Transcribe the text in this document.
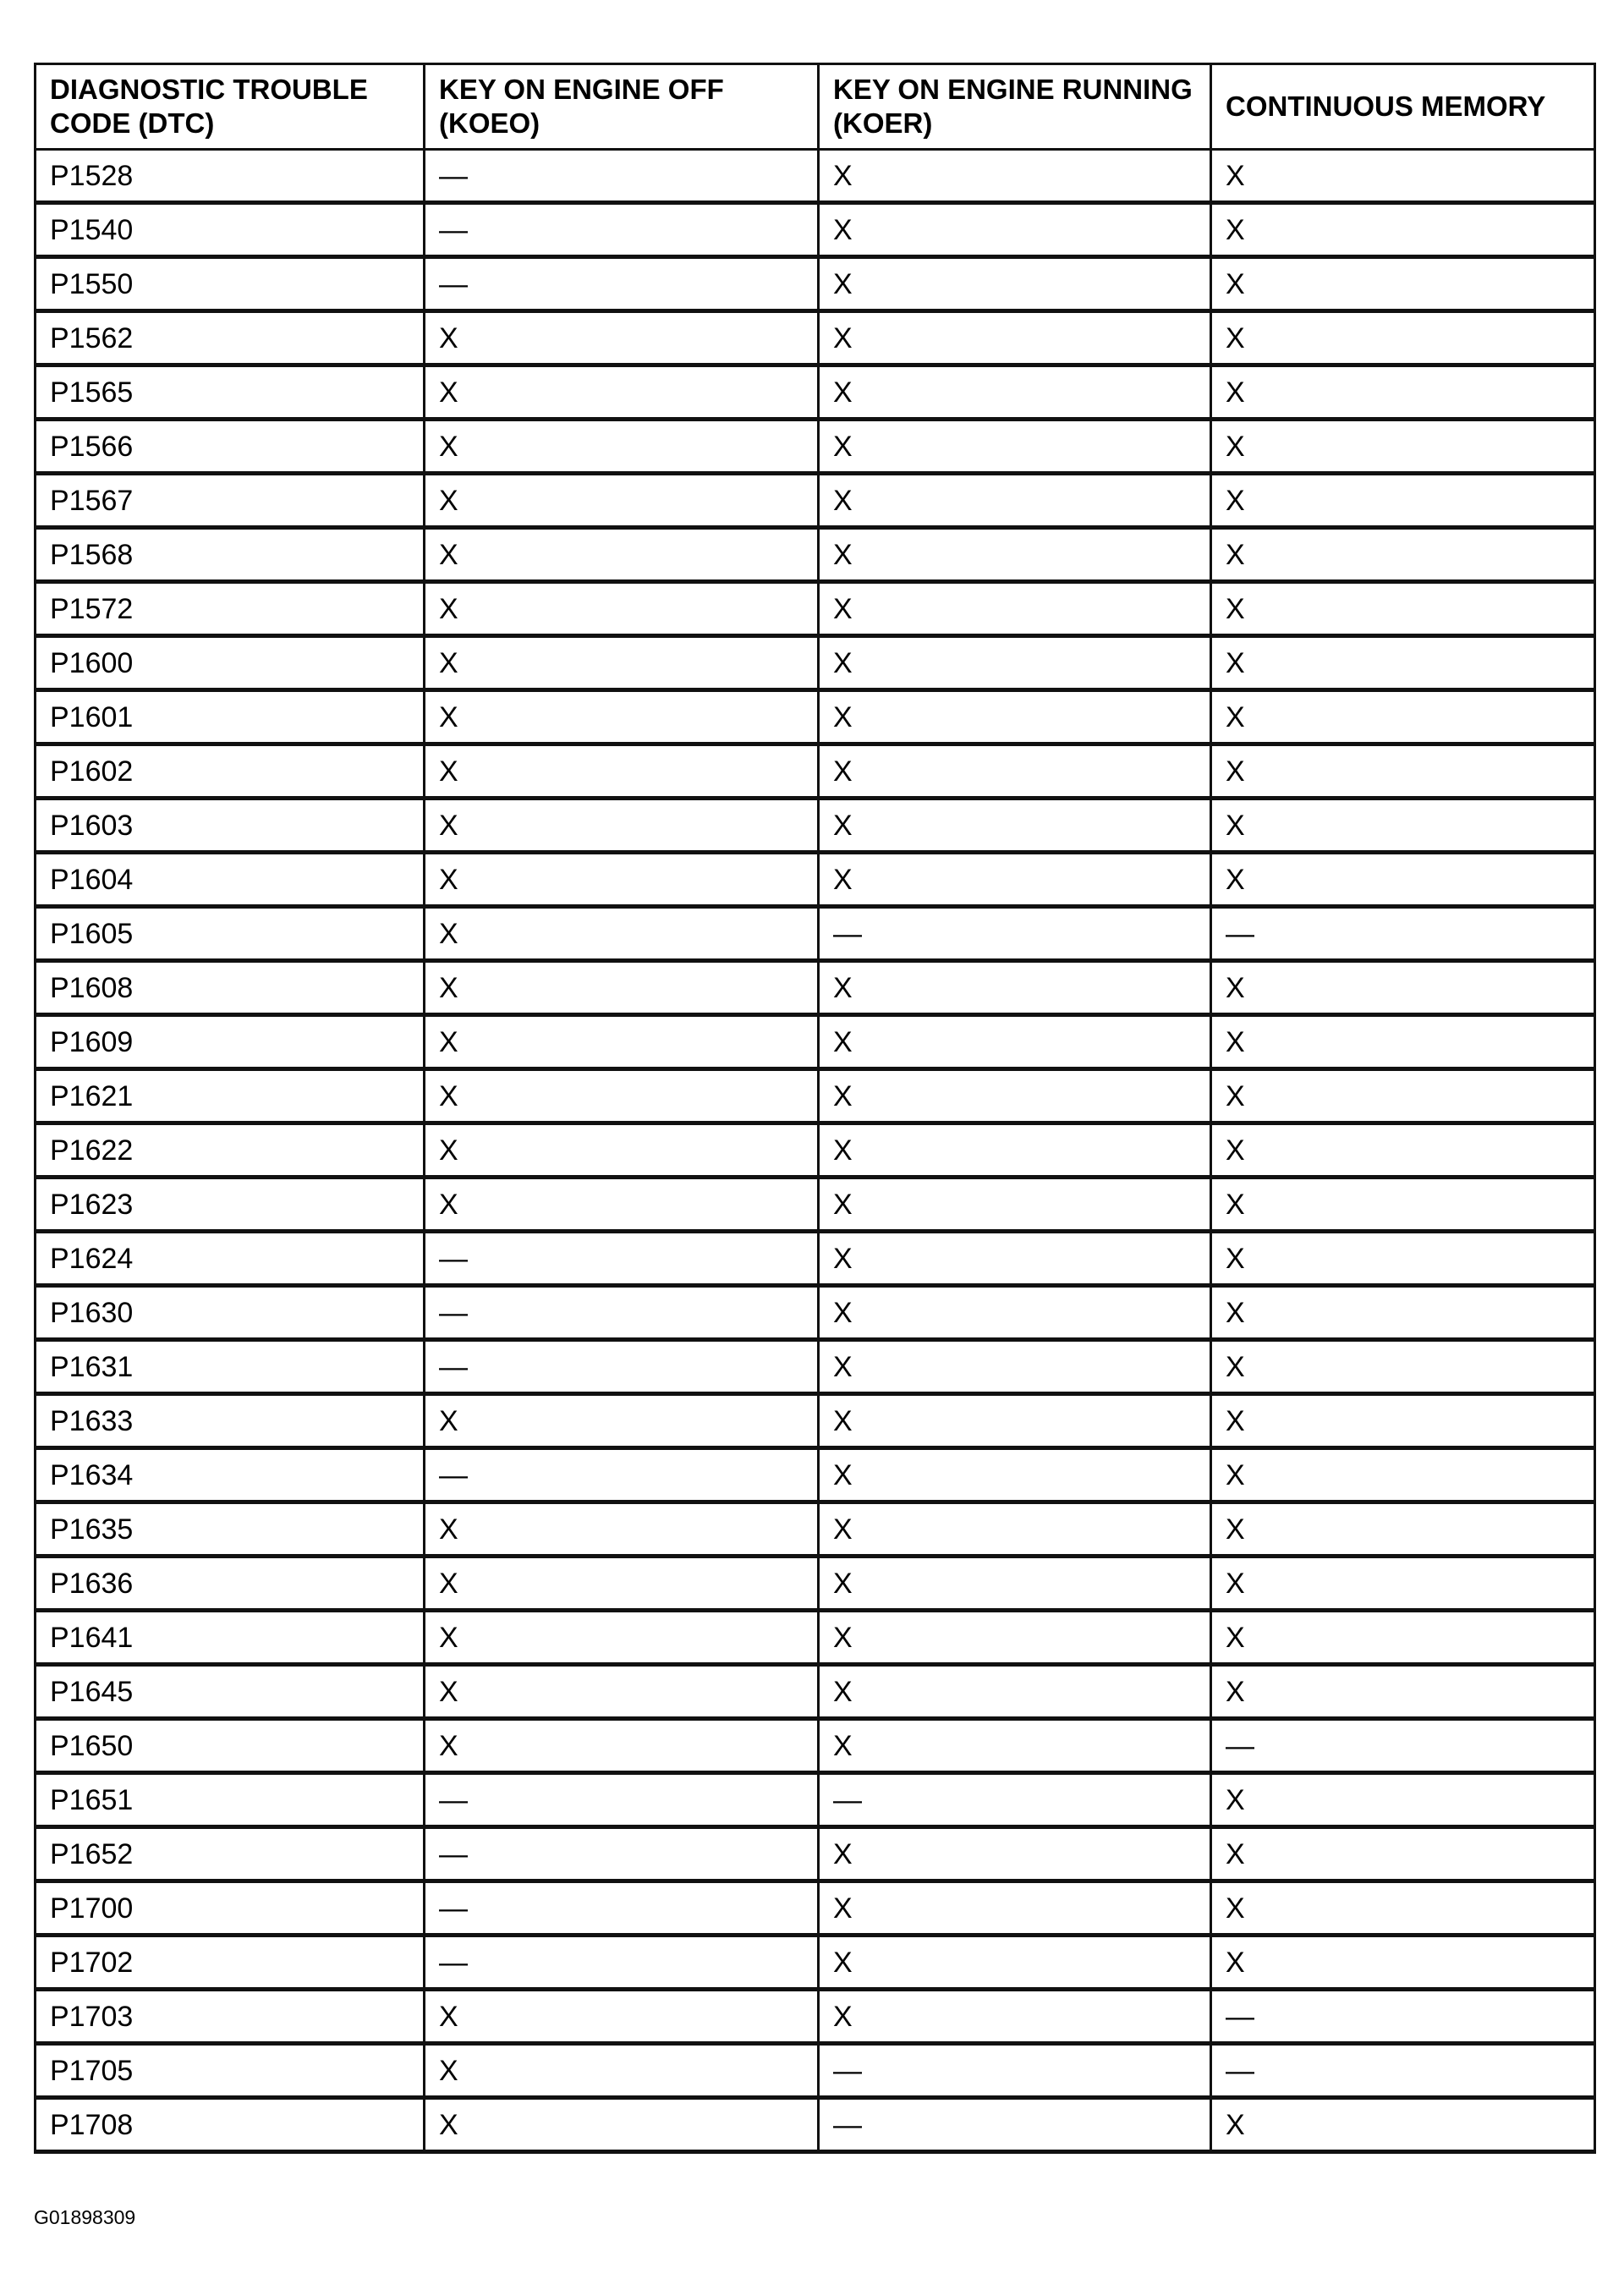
DIAGNOSTIC TROUBLE CODE (DTC)	KEY ON ENGINE OFF (KOEO)	KEY ON ENGINE RUNNING (KOER)	CONTINUOUS MEMORY
P1528	—	X	X
P1540	—	X	X
P1550	—	X	X
P1562	X	X	X
P1565	X	X	X
P1566	X	X	X
P1567	X	X	X
P1568	X	X	X
P1572	X	X	X
P1600	X	X	X
P1601	X	X	X
P1602	X	X	X
P1603	X	X	X
P1604	X	X	X
P1605	X	—	—
P1608	X	X	X
P1609	X	X	X
P1621	X	X	X
P1622	X	X	X
P1623	X	X	X
P1624	—	X	X
P1630	—	X	X
P1631	—	X	X
P1633	X	X	X
P1634	—	X	X
P1635	X	X	X
P1636	X	X	X
P1641	X	X	X
P1645	X	X	X
P1650	X	X	—
P1651	—	—	X
P1652	—	X	X
P1700	—	X	X
P1702	—	X	X
P1703	X	X	—
P1705	X	—	—
P1708	X	—	X
G01898309
